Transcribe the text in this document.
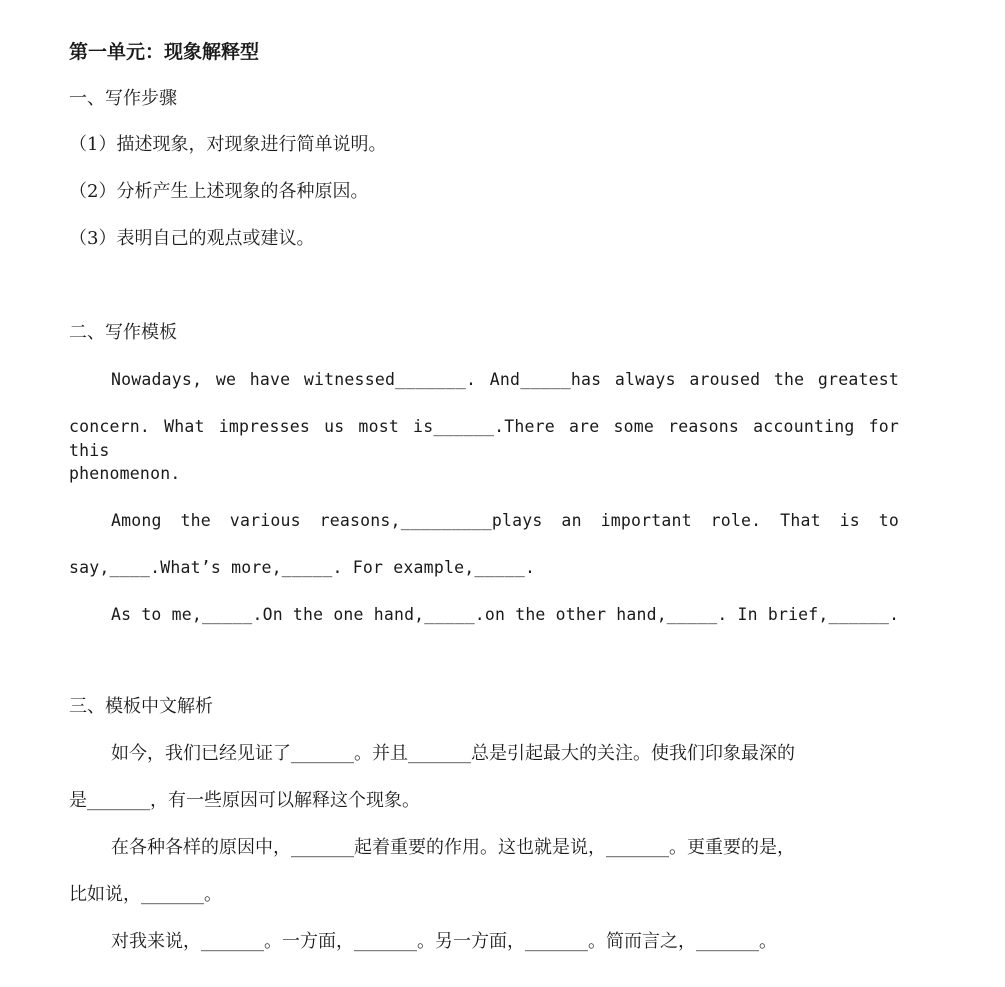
第一单元：现象解释型
一、写作步骤
（1）描述现象，对现象进行简单说明。
（2）分析产生上述现象的各种原因。
（3）表明自己的观点或建议。
二、写作模板
Nowadays, we have witnessed_______. And_____has always aroused the greatest
concern. What impresses us most is______.There are some reasons accounting for this
phenomenon.
Among the various reasons,_________plays an important role. That is to
say,____.What’s more,_____. For example,_____.
As to me,_____.On the one hand,_____.on the other hand,_____. In brief,______.
三、模板中文解析
如今，我们已经见证了_______。并且_______总是引起最大的关注。使我们印象最深的
是_______，有一些原因可以解释这个现象。
在各种各样的原因中，_______起着重要的作用。这也就是说，_______。更重要的是，
比如说，_______。
对我来说，_______。一方面，_______。另一方面，_______。简而言之，_______。
